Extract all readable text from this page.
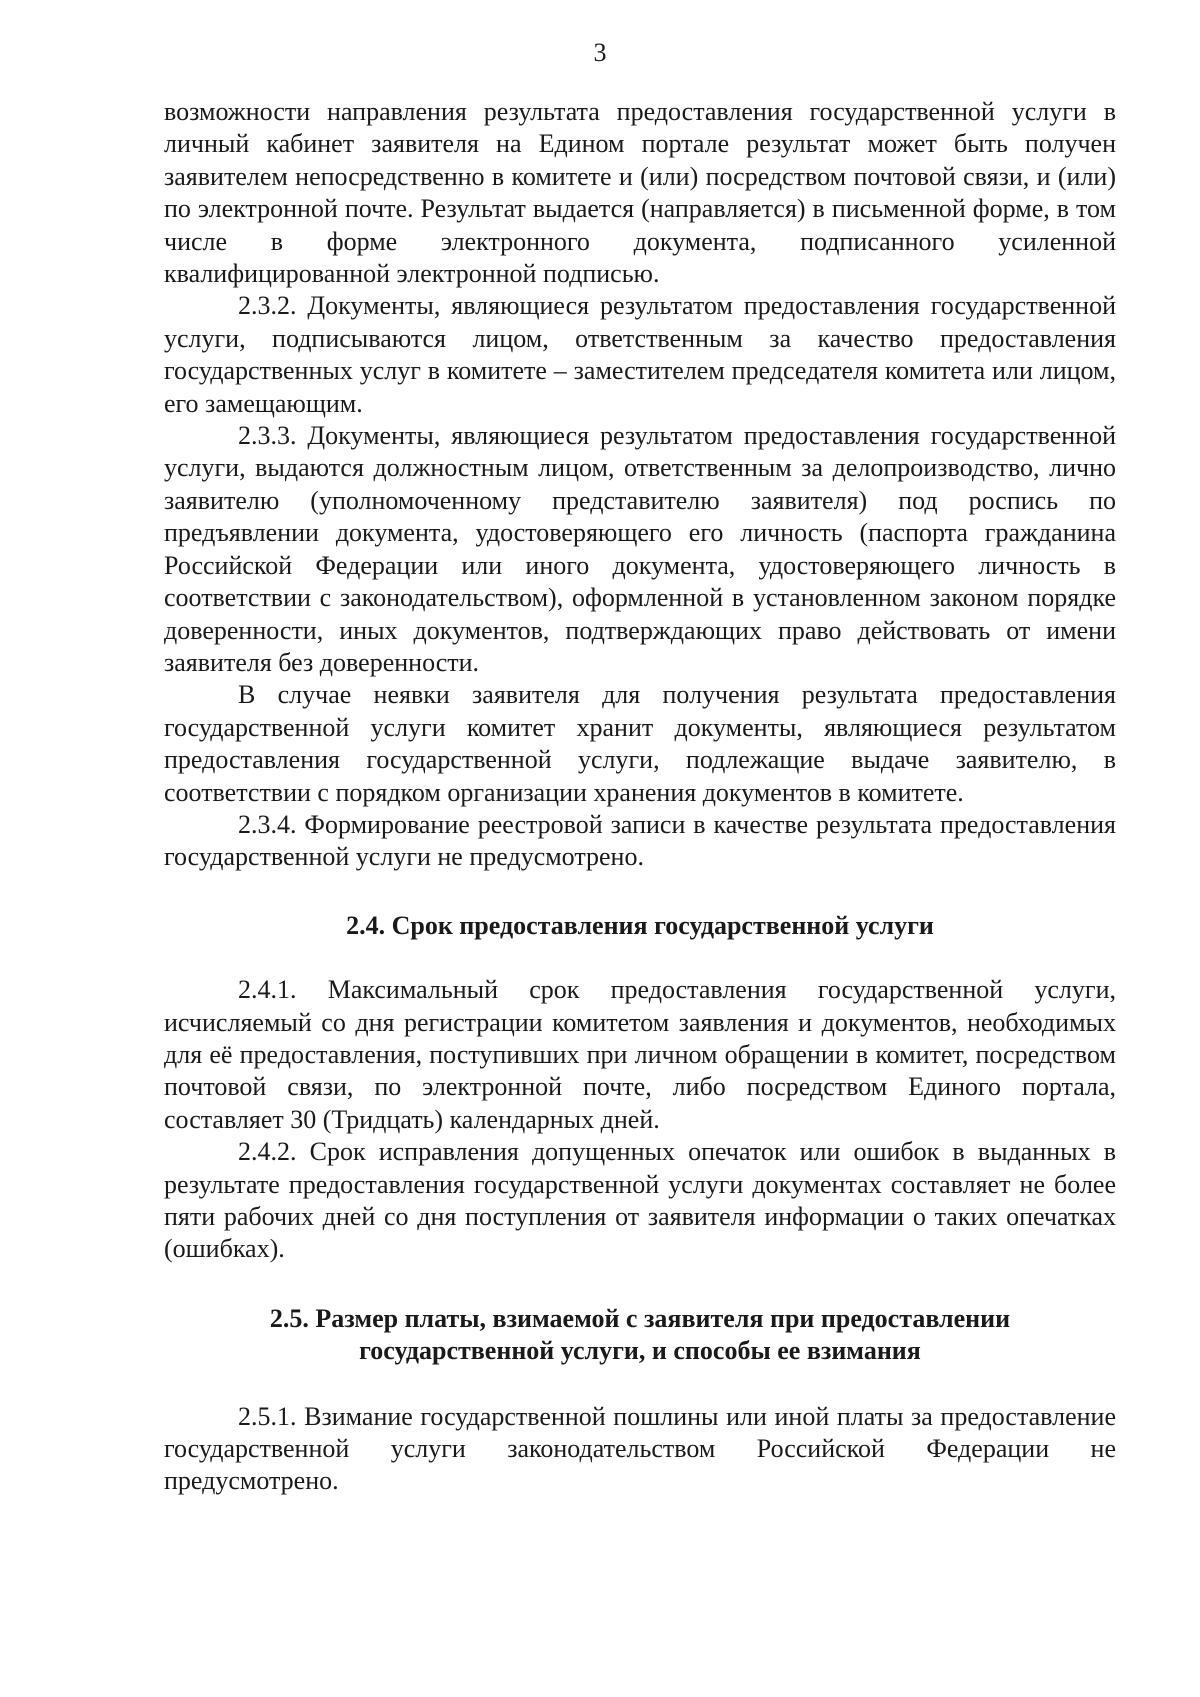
3

возможности направления результата предоставления государственной услуги в личный кабинет заявителя на Едином портале результат может быть получен заявителем непосредственно в комитете и (или) посредством почтовой связи, и (или) по электронной почте. Результат выдается (направляется) в письменной форме, в том числе в форме электронного документа, подписанного усиленной квалифицированной электронной подписью.

2.3.2. Документы, являющиеся результатом предоставления государственной услуги, подписываются лицом, ответственным за качество предоставления государственных услуг в комитете – заместителем председателя комитета или лицом, его замещающим.

2.3.3. Документы, являющиеся результатом предоставления государственной услуги, выдаются должностным лицом, ответственным за делопроизводство, лично заявителю (уполномоченному представителю заявителя) под роспись по предъявлении документа, удостоверяющего его личность (паспорта гражданина Российской Федерации или иного документа, удостоверяющего личность в соответствии с законодательством), оформленной в установленном законом порядке доверенности, иных документов, подтверждающих право действовать от имени заявителя без доверенности.

В случае неявки заявителя для получения результата предоставления государственной услуги комитет хранит документы, являющиеся результатом предоставления государственной услуги, подлежащие выдаче заявителю, в соответствии с порядком организации хранения документов в комитете.

2.3.4. Формирование реестровой записи в качестве результата предоставления государственной услуги не предусмотрено.

2.4. Срок предоставления государственной услуги

2.4.1. Максимальный срок предоставления государственной услуги, исчисляемый со дня регистрации комитетом заявления и документов, необходимых для её предоставления, поступивших при личном обращении в комитет, посредством почтовой связи, по электронной почте, либо посредством Единого портала, составляет 30 (Тридцать) календарных дней.

2.4.2. Срок исправления допущенных опечаток или ошибок в выданных в результате предоставления государственной услуги документах составляет не более пяти рабочих дней со дня поступления от заявителя информации о таких опечатках (ошибках).

2.5. Размер платы, взимаемой с заявителя при предоставлении
государственной услуги, и способы ее взимания

2.5.1. Взимание государственной пошлины или иной платы за предоставление государственной услуги законодательством Российской Федерации не предусмотрено.
